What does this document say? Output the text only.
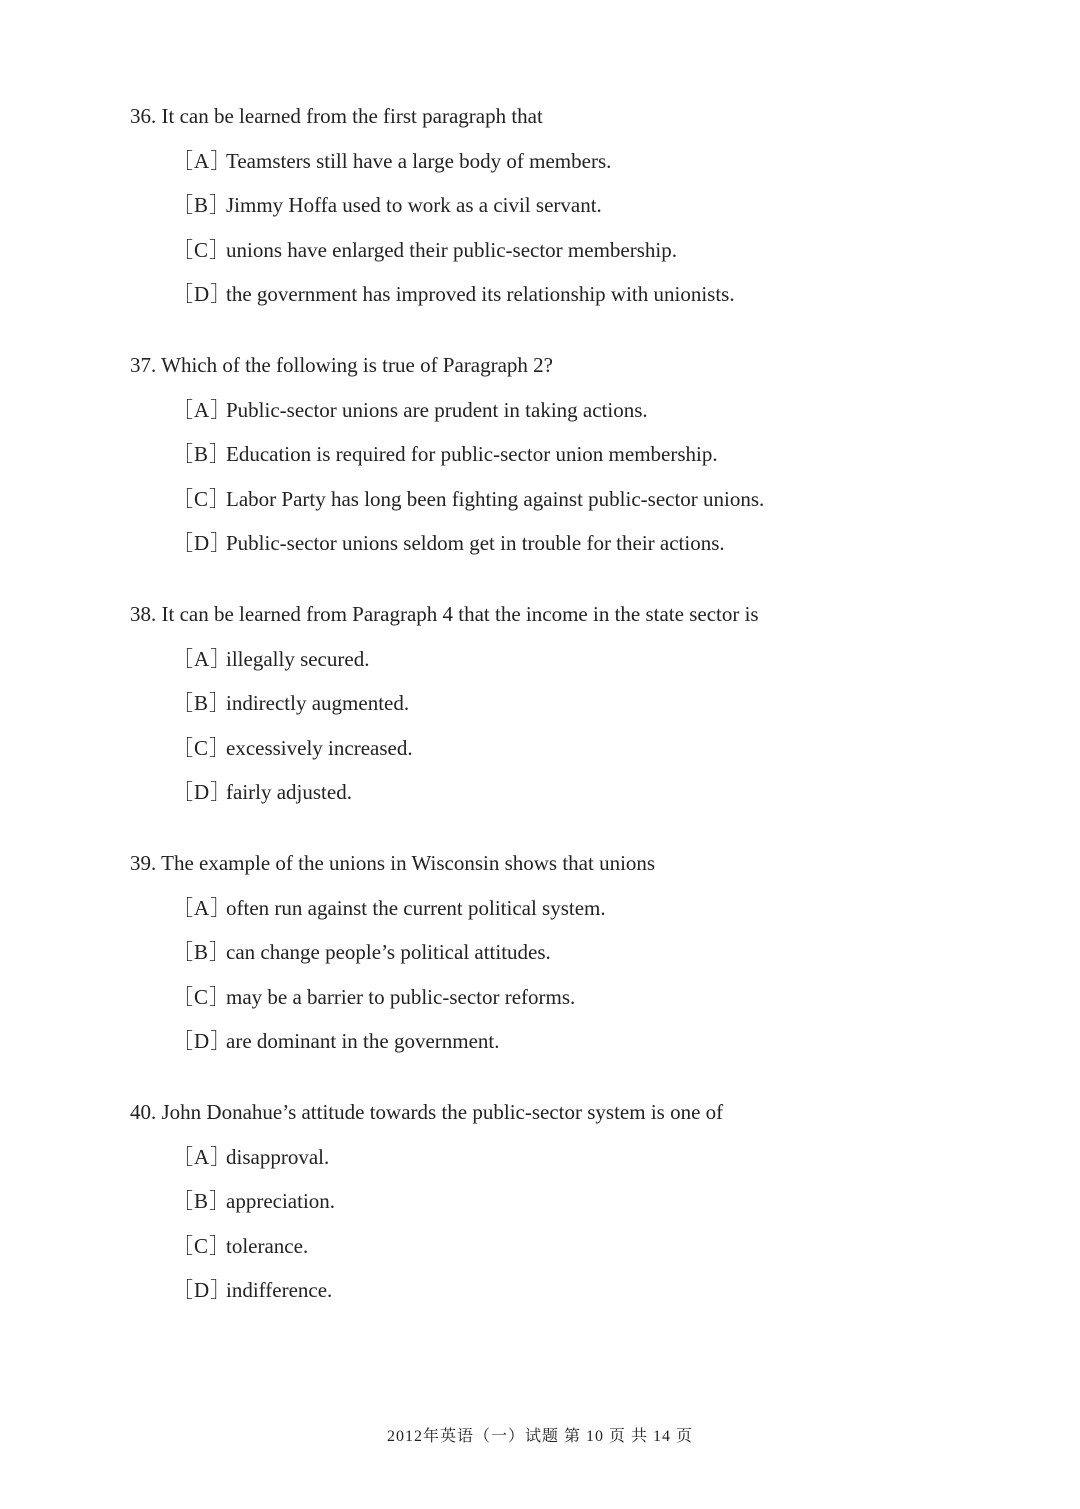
36. It can be learned from the first paragraph that
［A］Teamsters still have a large body of members.
［B］Jimmy Hoffa used to work as a civil servant.
［C］unions have enlarged their public-sector membership.
［D］the government has improved its relationship with unionists.
37. Which of the following is true of Paragraph 2?
［A］Public-sector unions are prudent in taking actions.
［B］Education is required for public-sector union membership.
［C］Labor Party has long been fighting against public-sector unions.
［D］Public-sector unions seldom get in trouble for their actions.
38. It can be learned from Paragraph 4 that the income in the state sector is
［A］illegally secured.
［B］indirectly augmented.
［C］excessively increased.
［D］fairly adjusted.
39. The example of the unions in Wisconsin shows that unions
［A］often run against the current political system.
［B］can change people’s political attitudes.
［C］may be a barrier to public-sector reforms.
［D］are dominant in the government.
40. John Donahue’s attitude towards the public-sector system is one of
［A］disapproval.
［B］appreciation.
［C］tolerance.
［D］indifference.
2012年英语（一）试题 第 10 页 共 14 页
